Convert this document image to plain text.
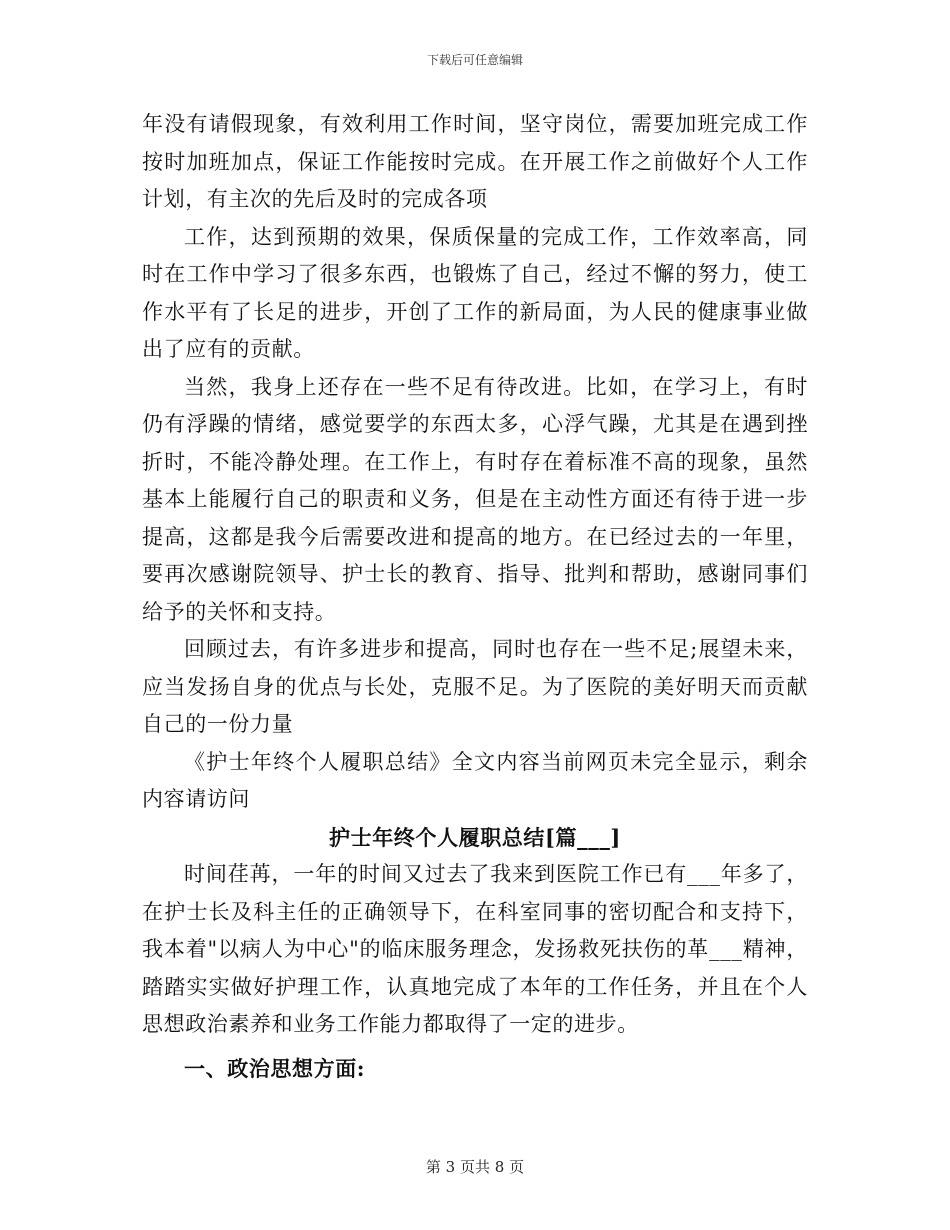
下载后可任意编辑

年没有请假现象，有效利用工作时间，坚守岗位，需要加班完成工作按时加班加点，保证工作能按时完成。在开展工作之前做好个人工作计划，有主次的先后及时的完成各项

工作，达到预期的效果，保质保量的完成工作，工作效率高，同时在工作中学习了很多东西，也锻炼了自己，经过不懈的努力，使工作水平有了长足的进步，开创了工作的新局面，为人民的健康事业做出了应有的贡献。

当然，我身上还存在一些不足有待改进。比如，在学习上，有时仍有浮躁的情绪，感觉要学的东西太多，心浮气躁，尤其是在遇到挫折时，不能冷静处理。在工作上，有时存在着标准不高的现象，虽然基本上能履行自己的职责和义务，但是在主动性方面还有待于进一步提高，这都是我今后需要改进和提高的地方。在已经过去的一年里，要再次感谢院领导、护士长的教育、指导、批判和帮助，感谢同事们给予的关怀和支持。

回顾过去，有许多进步和提高，同时也存在一些不足;展望未来，应当发扬自身的优点与长处，克服不足。为了医院的美好明天而贡献自己的一份力量

《护士年终个人履职总结》全文内容当前网页未完全显示，剩余内容请访问

护士年终个人履职总结[篇___]

时间荏苒，一年的时间又过去了我来到医院工作已有___年多了，在护士长及科主任的正确领导下，在科室同事的密切配合和支持下，我本着"以病人为中心"的临床服务理念，发扬救死扶伤的革___精神，踏踏实实做好护理工作，认真地完成了本年的工作任务，并且在个人思想政治素养和业务工作能力都取得了一定的进步。

一、政治思想方面:

第 3 页共 8 页
